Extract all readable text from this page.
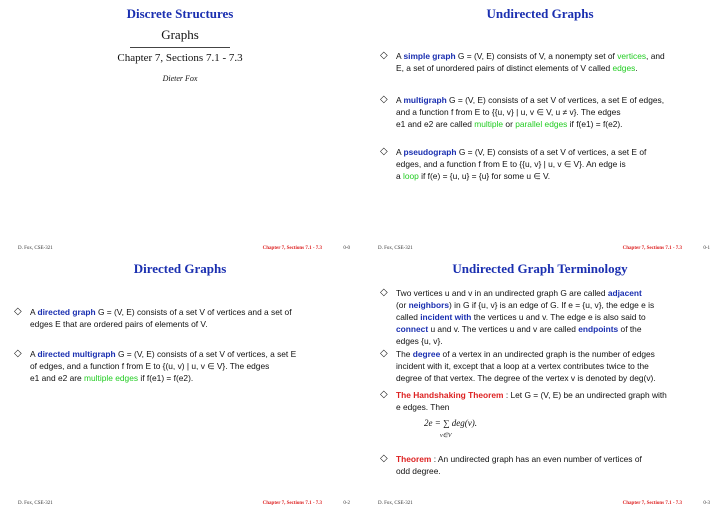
Discrete Structures
Graphs
Chapter 7, Sections 7.1 - 7.3
Dieter Fox
D. Fox, CSE-321	Chapter 7, Sections 7.1 - 7.3	0-0
Undirected Graphs
◇ A simple graph G = (V, E) consists of V, a nonempty set of vertices, and
E, a set of unordered pairs of distinct elements of V called edges.
◇ A multigraph G = (V, E) consists of a set V of vertices, a set E of edges,
and a function f from E to {{u, v} | u, v ∈ V, u ≠ v}. The edges
e1 and e2 are called multiple or parallel edges if f(e1) = f(e2).
◇ A pseudograph G = (V, E) consists of a set V of vertices, a set E of
edges, and a function f from E to {{u, v} | u, v ∈ V}. An edge is
a loop if f(e) = {u, u} = {u} for some u ∈ V.
D. Fox, CSE-321	Chapter 7, Sections 7.1 - 7.3	0-1
Directed Graphs
◇ A directed graph G = (V, E) consists of a set V of vertices and a set of
edges E that are ordered pairs of elements of V.
◇ A directed multigraph G = (V, E) consists of a set V of vertices, a set E
of edges, and a function f from E to {(u, v) | u, v ∈ V}. The edges
e1 and e2 are multiple edges if f(e1) = f(e2).
D. Fox, CSE-321	Chapter 7, Sections 7.1 - 7.3	0-2
Undirected Graph Terminology
◇ Two vertices u and v in an undirected graph G are called adjacent
(or neighbors) in G if {u, v} is an edge of G. If e = {u, v}, the edge e is
called incident with the vertices u and v. The edge e is also said to
connect u and v. The vertices u and v are called endpoints of the
edges {u, v}.
◇ The degree of a vertex in an undirected graph is the number of edges
incident with it, except that a loop at a vertex contributes twice to the
degree of that vertex. The degree of the vertex v is denoted by deg(v).
◇ The Handshaking Theorem : Let G = (V, E) be an undirected graph with
e edges. Then
2e = ∑ deg(v).
v∈V
◇ Theorem : An undirected graph has an even number of vertices of
odd degree.
D. Fox, CSE-321	Chapter 7, Sections 7.1 - 7.3	0-3
